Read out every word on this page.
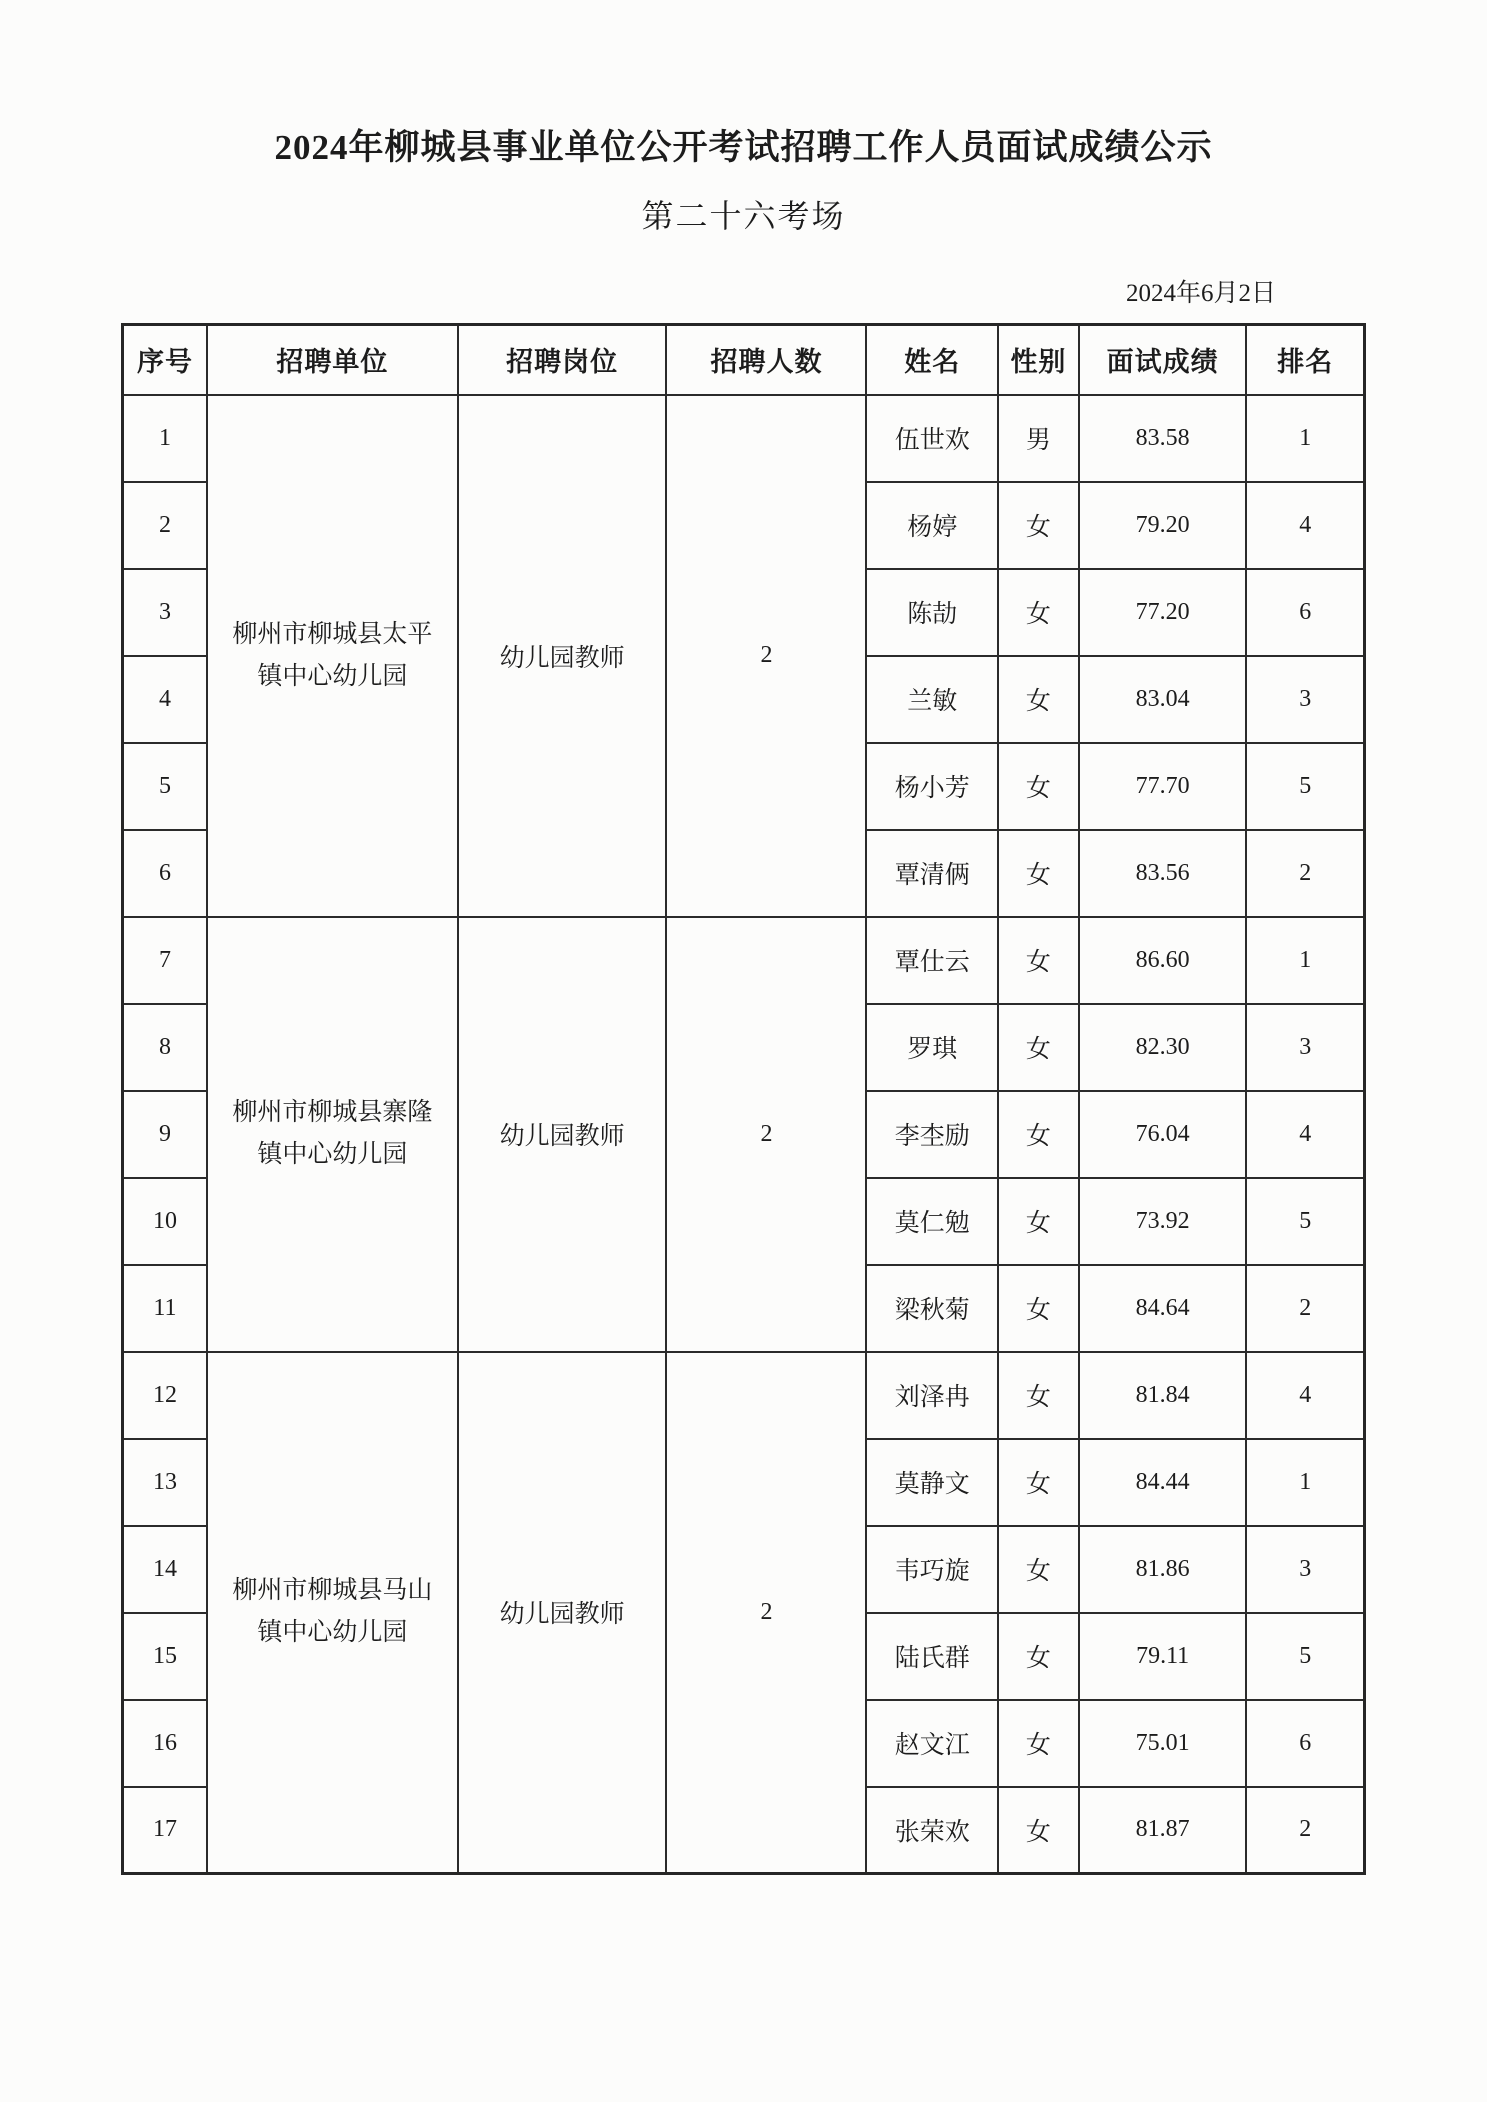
2024年柳城县事业单位公开考试招聘工作人员面试成绩公示
第二十六考场
2024年6月2日
序号	招聘单位	招聘岗位	招聘人数	姓名	性别	面试成绩	排名
1	柳州市柳城县太平镇中心幼儿园	幼儿园教师	2	伍世欢	男	83.58	1
2				杨婷	女	79.20	4
3				陈劼	女	77.20	6
4				兰敏	女	83.04	3
5				杨小芳	女	77.70	5
6				覃清俩	女	83.56	2
7	柳州市柳城县寨隆镇中心幼儿园	幼儿园教师	2	覃仕云	女	86.60	1
8				罗琪	女	82.30	3
9				李杢励	女	76.04	4
10				莫仁勉	女	73.92	5
11				梁秋菊	女	84.64	2
12	柳州市柳城县马山镇中心幼儿园	幼儿园教师	2	刘泽冉	女	81.84	4
13				莫静文	女	84.44	1
14				韦巧旋	女	81.86	3
15				陆氏群	女	79.11	5
16				赵文江	女	75.01	6
17				张荣欢	女	81.87	2
